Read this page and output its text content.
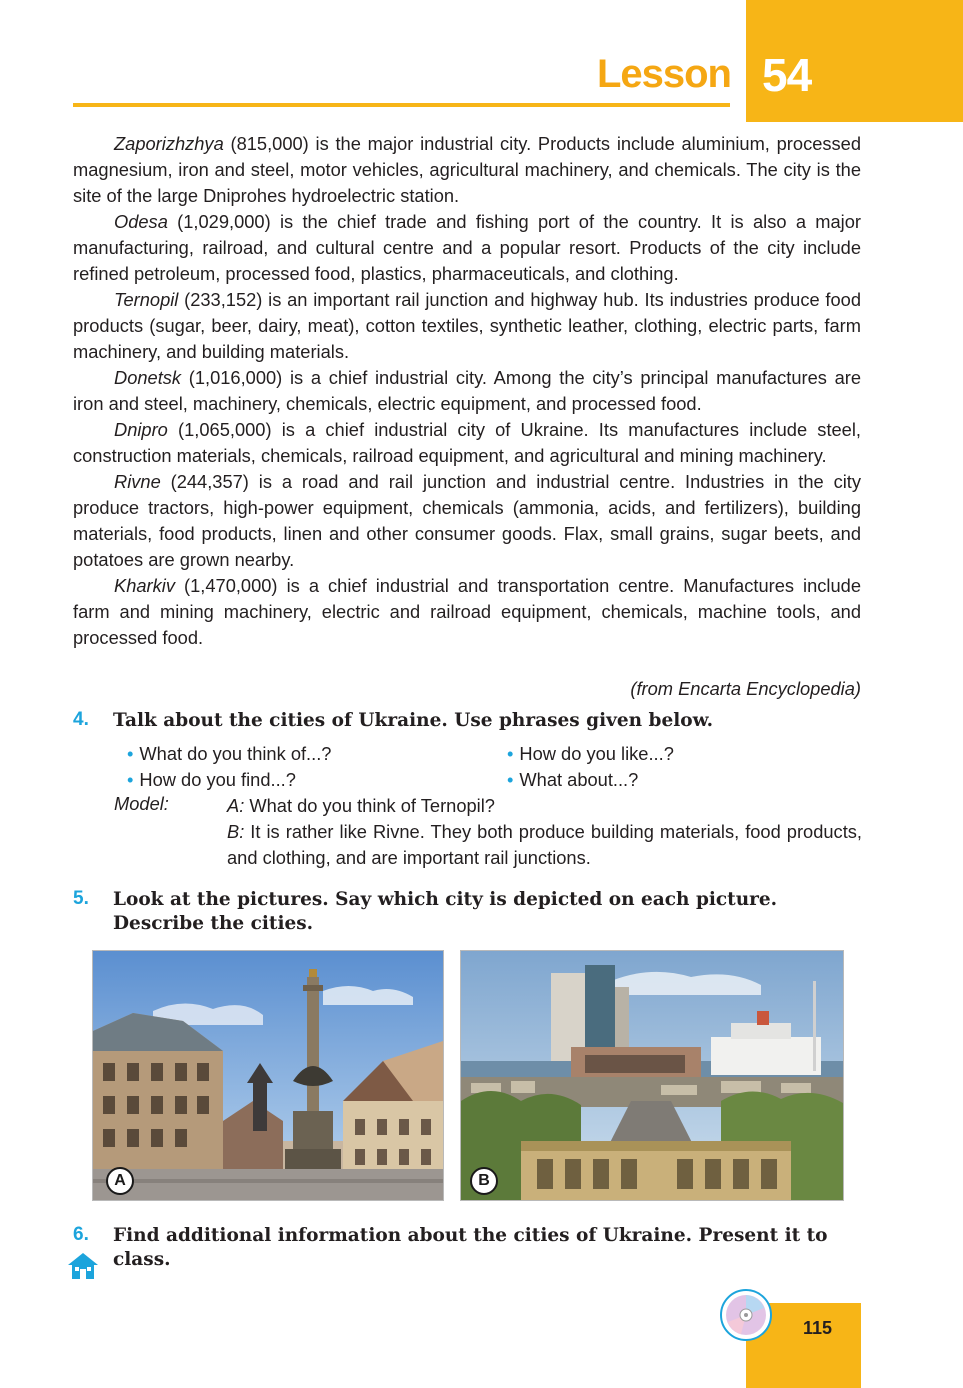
Lesson 54

Zaporizhzhya (815,000) is the major industrial city. Products include aluminium, processed magnesium, iron and steel, motor vehicles, agricultural machinery, and chemicals. The city is the site of the large Dniprohes hydroelectric station.

Odesa (1,029,000) is the chief trade and fishing port of the country. It is also a major manufacturing, railroad, and cultural centre and a popular resort. Products of the city include refined petroleum, processed food, plastics, pharmaceuticals, and clothing.

Ternopil (233,152) is an important rail junction and highway hub. Its industries produce food products (sugar, beer, dairy, meat), cotton textiles, synthetic leather, clothing, electric parts, farm machinery, and building materials.

Donetsk (1,016,000) is a chief industrial city. Among the city’s principal manufactures are iron and steel, machinery, chemicals, electric equipment, and processed food.

Dnipro (1,065,000) is a chief industrial city of Ukraine. Its manufactures include steel, construction materials, chemicals, railroad equipment, and agricultural and mining machinery.

Rivne (244,357) is a road and rail junction and industrial centre. Industries in the city produce tractors, high-power equipment, chemicals (ammonia, acids, and fertilizers), building materials, food products, linen and other consumer goods. Flax, small grains, sugar beets, and potatoes are grown nearby.

Kharkiv (1,470,000) is a chief industrial and transportation centre. Manufactures include farm and mining machinery, electric and railroad equipment, chemicals, machine tools, and processed food.

(from Encarta Encyclopedia)
4. Talk about the cities of Ukraine. Use phrases given below.
• What do you think of...?	• How do you like...?
• How do you find...?	• What about...?
Model:	A: What do you think of Ternopil?
B: It is rather like Rivne. They both produce building materials, food products, and clothing, and are important rail junctions.
5. Look at the pictures. Say which city is depicted on each picture. Describe the cities.
A	B
6. Find additional information about the cities of Ukraine. Present it to class.
115
